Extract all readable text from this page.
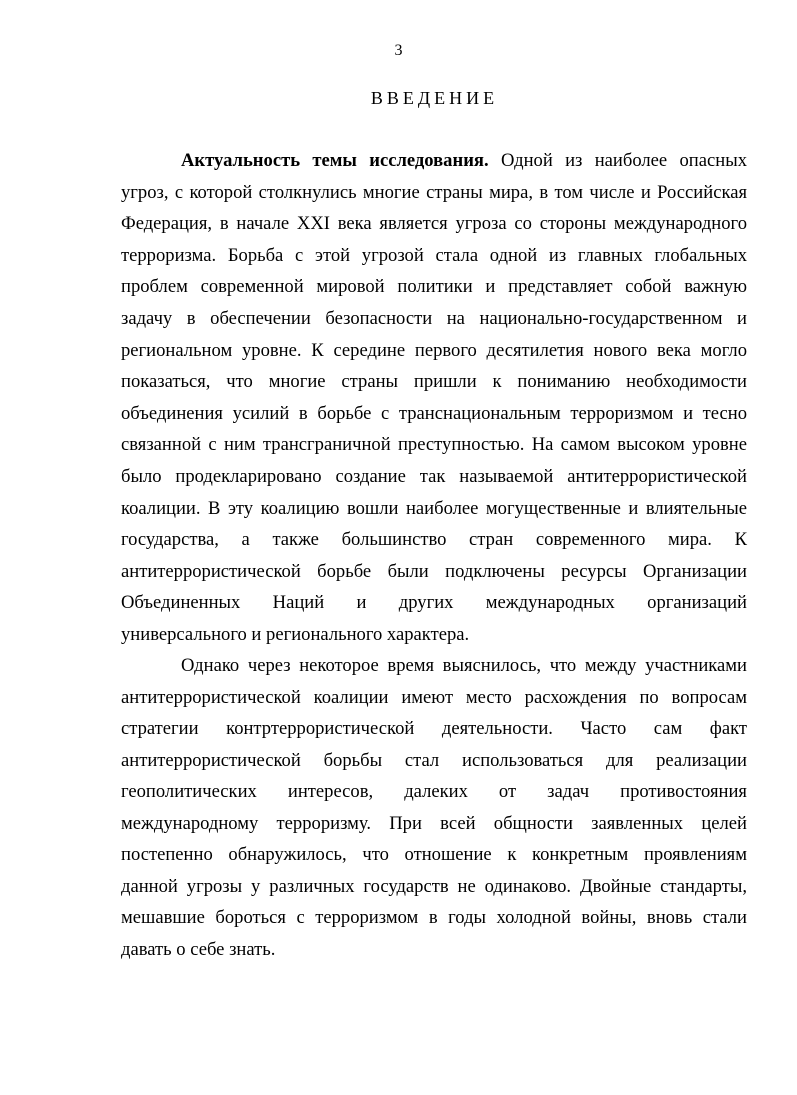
3
ВВЕДЕНИЕ
Актуальность темы исследования. Одной из наиболее опасных
угроз, с которой столкнулись многие страны мира, в том числе и Российская
Федерация, в начале XXI века является угроза со стороны международного
терроризма. Борьба с этой угрозой стала одной из главных глобальных
проблем современной мировой политики и представляет собой важную
задачу в обеспечении безопасности на национально-государственном и
региональном уровне. К середине первого десятилетия нового века могло
показаться, что многие страны пришли к пониманию необходимости
объединения усилий в борьбе с транснациональным терроризмом и тесно
связанной с ним трансграничной преступностью. На самом высоком уровне
было продекларировано создание так называемой антитеррористической
коалиции. В эту коалицию вошли наиболее могущественные и влиятельные
государства, а также большинство стран современного мира. К
антитеррористической борьбе были подключены ресурсы Организации
Объединенных Наций и других международных организаций
универсального и регионального характера.
Однако через некоторое время выяснилось, что между участниками
антитеррористической коалиции имеют место расхождения по вопросам
стратегии контртеррористической деятельности. Часто сам факт
антитеррористической борьбы стал использоваться для реализации
геополитических интересов, далеких от задач противостояния
международному терроризму. При всей общности заявленных целей
постепенно обнаружилось, что отношение к конкретным проявлениям
данной угрозы у различных государств не одинаково. Двойные стандарты,
мешавшие бороться с терроризмом в годы холодной войны, вновь стали
давать о себе знать.
